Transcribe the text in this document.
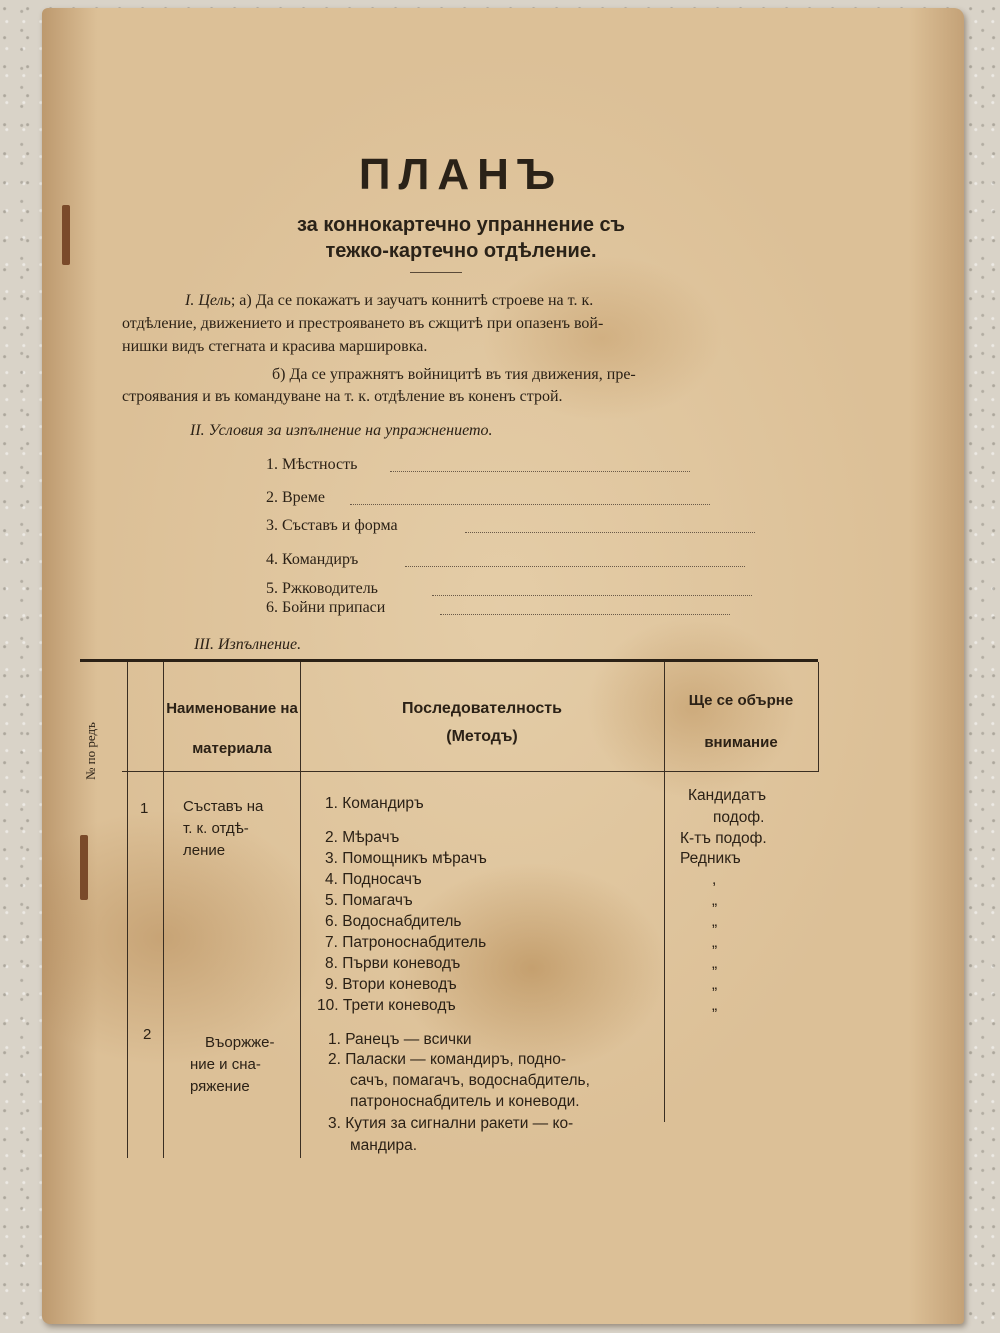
ПЛАНЪ
за коннокартечно упраннение съ
тежко-картечно отдѣление.
I. Цель; а) Да се покажатъ и заучатъ коннитѣ строеве на т. к.
отдѣление, движението и престрояването въ сжщитѣ при опазенъ вой-
нишки видъ стегната и красива маршировка.
б) Да се упражнятъ войницитѣ въ тия движения, пре-
строявания и въ командуване на т. к. отдѣление въ коненъ строй.
II. Условия за изпълнение на упражнението.
1. Мѣстность
2. Време
3. Съставъ и форма
4. Командиръ
5. Ржководитель
6. Бойни припаси
III. Изпълнение.
№ по редъ
Наименование на
материала
Последователность
(Методъ)
Ще се обърне
внимание
1 Съставъ на
т. к. отдѣ-
ление
1. Командиръ
2. Мѣрачъ
3. Помощникъ мѣрачъ
4. Подносачъ
5. Помагачъ
6. Водоснабдитель
7. Патроноснабдитель
8. Първи коневодъ
9. Втори коневодъ
10. Трети коневодъ
Кандидатъ
подоф.
К-тъ подоф.
Редникъ
,
„
„
„
„
„
„
2	Въоржже-
ние и сна-
ряжение
1. Ранецъ — всички
2. Паласки — командиръ, подно-
сачъ, помагачъ, водоснабдитель,
патроноснабдитель и коневоди.
3. Кутия за сигнални ракети — ко-
мандира.
